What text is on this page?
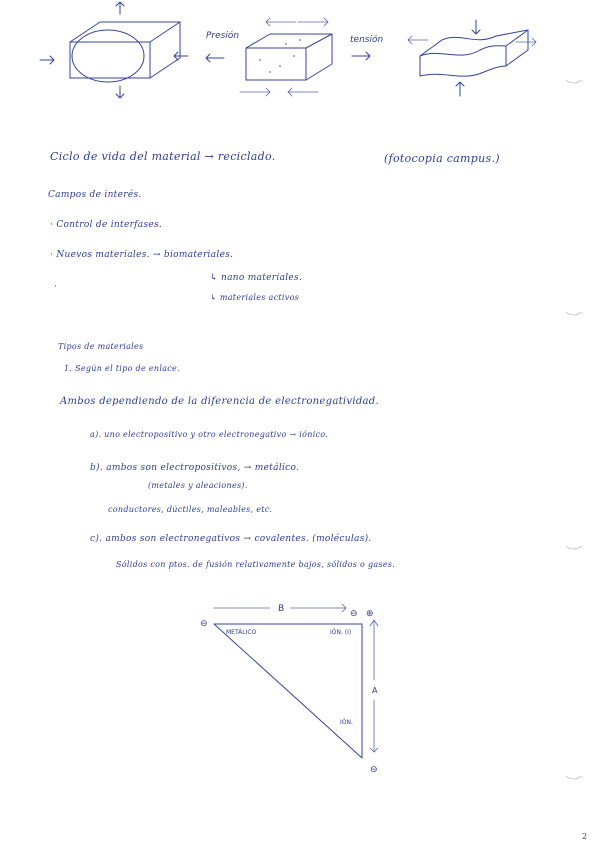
Presión	tensión
Ciclo de vida del material → reciclado.	(fotocopia campus.)
Campos de interés.
· Control de interfases.
· Nuevos materiales. → biomateriales.
↳ nano materiales.
↳ materiales activos
·
Tipos de materiales
1. Según el tipo de enlace.
Ambos dependiendo de la diferencia de electronegatividad.
a). uno electropositivo y otro electronegativo → iónico.
b). ambos son electropositivos, → metálico.
(metales y aleaciones).
conductores, dúctiles, maleables, etc.
c). ambos son electronegativos → covalentes. (moléculas).
Sólidos con ptos. de fusión relativamente bajos, sólidos o gases.
B
A
METÁLICO	IÓN. (I)
IÓN.
⊖
⊖ ⊕
⊖
2
